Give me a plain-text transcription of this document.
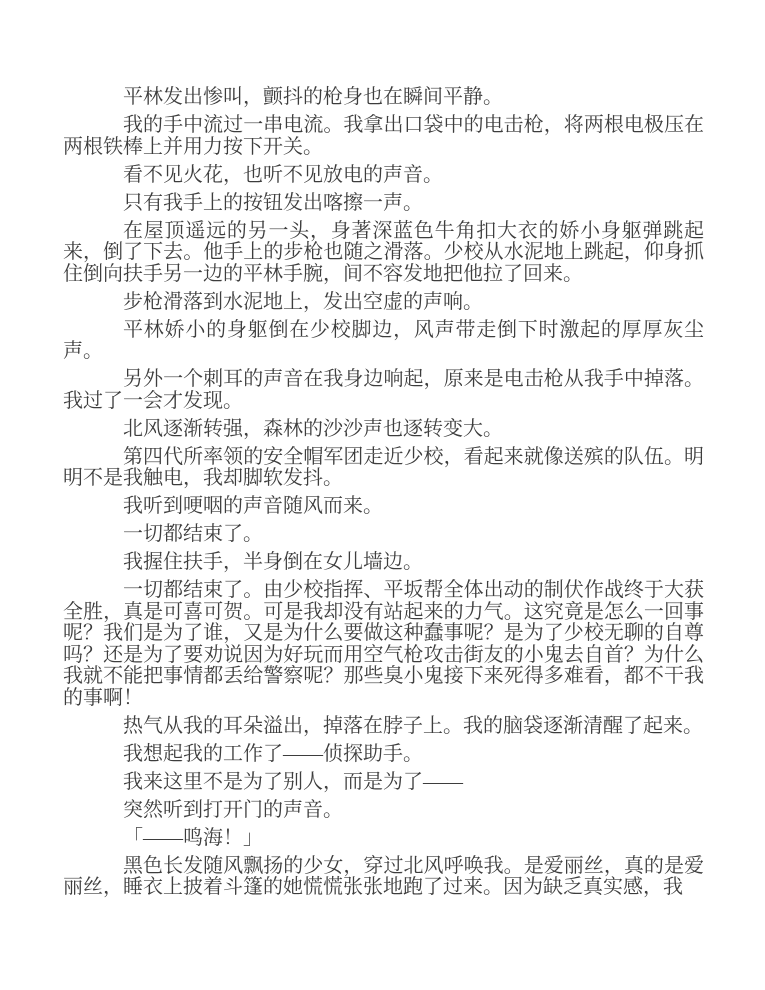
平林发出惨叫，颤抖的枪身也在瞬间平静。

我的手中流过一串电流。我拿出口袋中的电击枪，将两根电极压在两根铁棒上并用力按下开关。

看不见火花，也听不见放电的声音。

只有我手上的按钮发出喀擦一声。

在屋顶遥远的另一头，身著深蓝色牛角扣大衣的娇小身躯弹跳起来，倒了下去。他手上的步枪也随之滑落。少校从水泥地上跳起，仰身抓住倒向扶手另一边的平林手腕，间不容发地把他拉了回来。

步枪滑落到水泥地上，发出空虚的声响。

平林娇小的身躯倒在少校脚边，风声带走倒下时激起的厚厚灰尘声。

另外一个刺耳的声音在我身边响起，原来是电击枪从我手中掉落。我过了一会才发现。

北风逐渐转强，森林的沙沙声也逐转变大。

第四代所率领的安全帽军团走近少校，看起来就像送殡的队伍。明明不是我触电，我却脚软发抖。

我听到哽咽的声音随风而来。

一切都结束了。

我握住扶手，半身倒在女儿墙边。

一切都结束了。由少校指挥、平坂帮全体出动的制伏作战终于大获全胜，真是可喜可贺。可是我却没有站起来的力气。这究竟是怎么一回事呢？我们是为了谁，又是为什么要做这种蠢事呢？是为了少校无聊的自尊吗？还是为了要劝说因为好玩而用空气枪攻击街友的小鬼去自首？为什么我就不能把事情都丢给警察呢？那些臭小鬼接下来死得多难看，都不干我的事啊！

热气从我的耳朵溢出，掉落在脖子上。我的脑袋逐渐清醒了起来。

我想起我的工作了——侦探助手。

我来这里不是为了别人，而是为了——

突然听到打开门的声音。

「——鸣海！」

黑色长发随风飘扬的少女，穿过北风呼唤我。是爱丽丝，真的是爱丽丝，睡衣上披着斗篷的她慌慌张张地跑了过来。因为缺乏真实感，我
